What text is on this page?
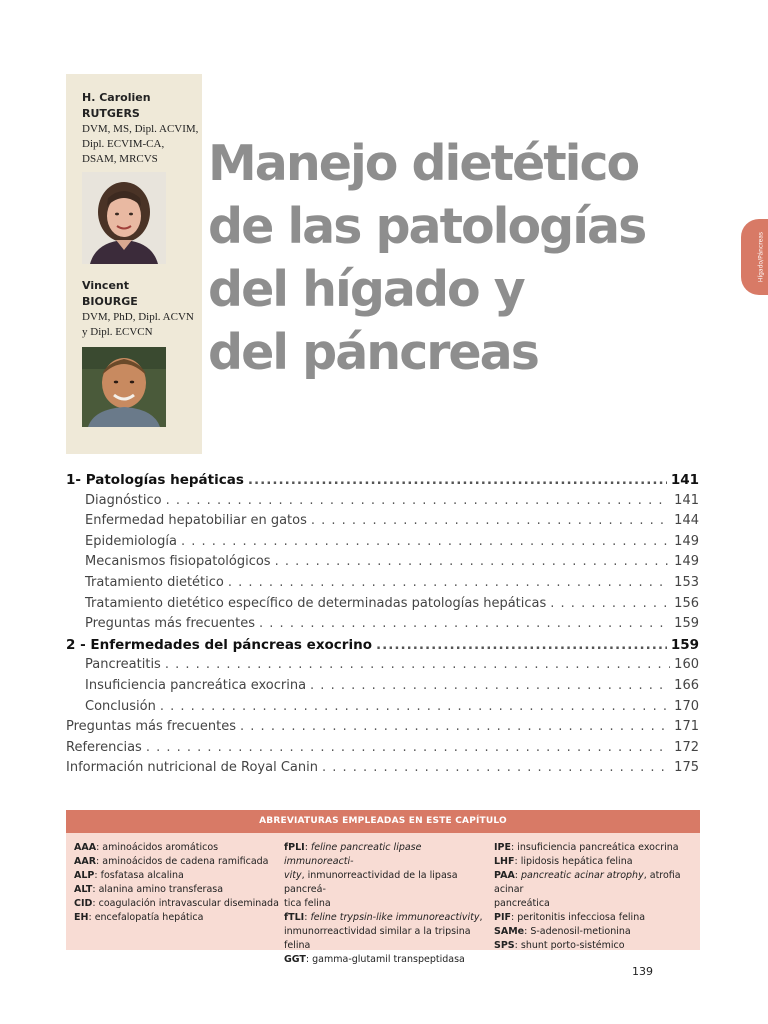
H. Carolien
RUTGERS
DVM, MS, Dipl. ACVIM,
Dipl. ECVIM-CA,
DSAM, MRCVS
Vincent
BIOURGE
DVM, PhD, Dipl. ACVN
y Dipl. ECVCN
Manejo dietético
de las patologías
del hígado y
del páncreas
Hígado/Páncreas
1- Patologías hepáticas .....	141
Diagnóstico . . .	141
Enfermedad hepatobiliar en gatos . . .	144
Epidemiología . . .	149
Mecanismos fisiopatológicos . . .	149
Tratamiento dietético . . .	153
Tratamiento dietético específico de determinadas patologías hepáticas . . .	156
Preguntas más frecuentes . . .	159
2 - Enfermedades del páncreas exocrino .....	159
Pancreatitis . . .	160
Insuficiencia pancreática exocrina . . .	166
Conclusión . . .	170
Preguntas más frecuentes . . .	171
Referencias . . .	172
Información nutricional de Royal Canin . . .	175
ABREVIATURAS EMPLEADAS EN ESTE CAPÍTULO
AAA: aminoácidos aromáticos
AAR: aminoácidos de cadena ramificada
ALP: fosfatasa alcalina
ALT: alanina amino transferasa
CID: coagulación intravascular diseminada
EH: encefalopatía hepática
fPLI: feline pancreatic lipase immunoreacti-
vity, inmunorreactividad de la lipasa pancreá-
tica felina
fTLI: feline trypsin-like immunoreactivity,
inmunorreactividad similar a la tripsina felina
GGT: gamma-glutamil transpeptidasa
IPE: insuficiencia pancreática exocrina
LHF: lipidosis hepática felina
PAA: pancreatic acinar atrophy, atrofia acinar
pancreática
PIF: peritonitis infecciosa felina
SAMe: S-adenosil-metionina
SPS: shunt porto-sistémico
139
